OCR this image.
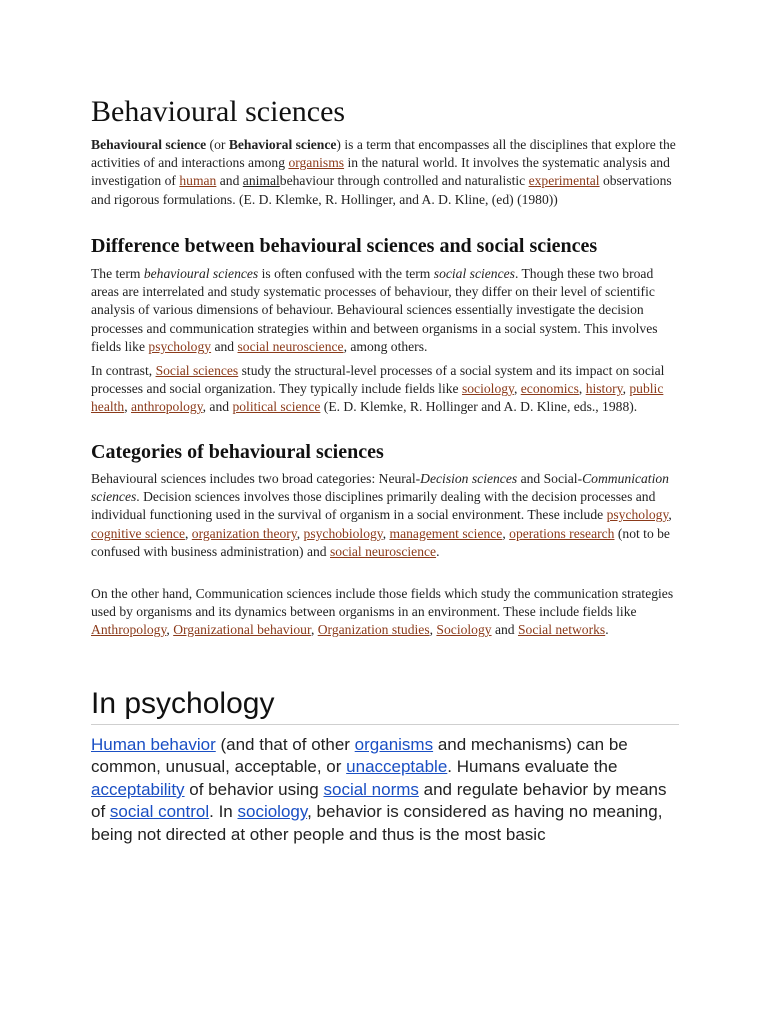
Behavioural sciences

Behavioural science (or Behavioral science) is a term that encompasses all the disciplines that explore the activities of and interactions among organisms in the natural world. It involves the systematic analysis and investigation of human and animalbehaviour through controlled and naturalistic experimental observations and rigorous formulations. (E. D. Klemke, R. Hollinger, and A. D. Kline, (ed) (1980))

Difference between behavioural sciences and social sciences

The term behavioural sciences is often confused with the term social sciences. Though these two broad areas are interrelated and study systematic processes of behaviour, they differ on their level of scientific analysis of various dimensions of behaviour. Behavioural sciences essentially investigate the decision processes and communication strategies within and between organisms in a social system. This involves fields like psychology and social neuroscience, among others.

In contrast, Social sciences study the structural-level processes of a social system and its impact on social processes and social organization. They typically include fields like sociology, economics, history, public health, anthropology, and political science (E. D. Klemke, R. Hollinger and A. D. Kline, eds., 1988).

Categories of behavioural sciences

Behavioural sciences includes two broad categories: Neural-Decision sciences and Social-Communication sciences. Decision sciences involves those disciplines primarily dealing with the decision processes and individual functioning used in the survival of organism in a social environment. These include psychology, cognitive science, organization theory, psychobiology, management science, operations research (not to be confused with business administration) and social neuroscience.

On the other hand, Communication sciences include those fields which study the communication strategies used by organisms and its dynamics between organisms in an environment. These include fields like Anthropology, Organizational behaviour, Organization studies, Sociology and Social networks.

In psychology

Human behavior (and that of other organisms and mechanisms) can be common, unusual, acceptable, or unacceptable. Humans evaluate the acceptability of behavior using social norms and regulate behavior by means of social control. In sociology, behavior is considered as having no meaning, being not directed at other people and thus is the most basic
